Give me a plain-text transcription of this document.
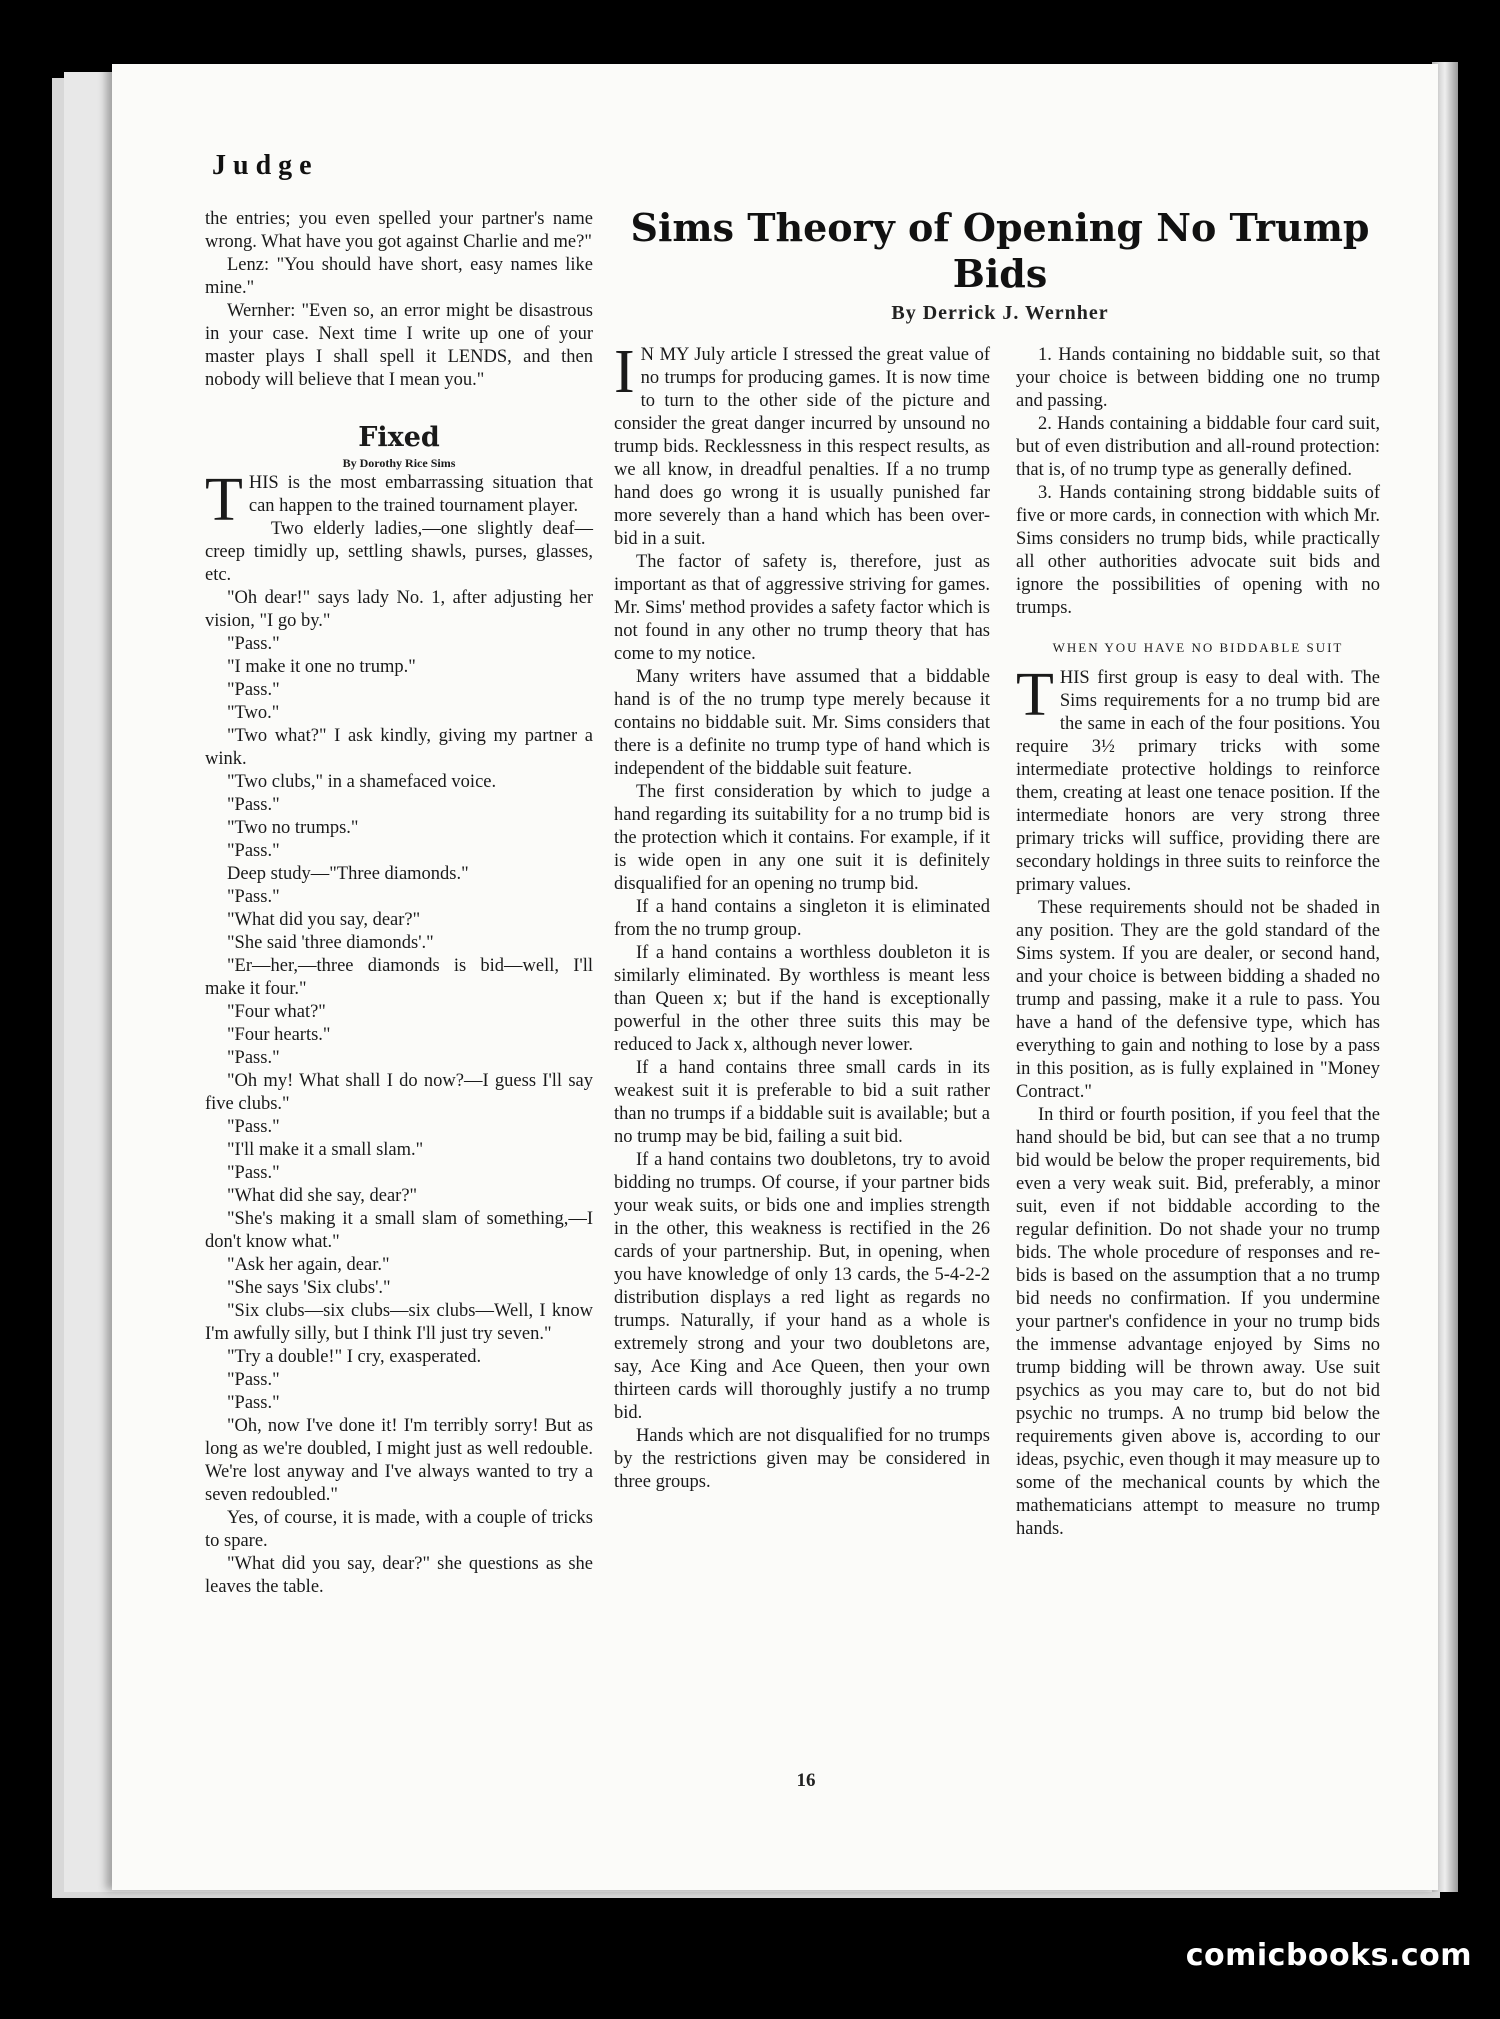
Judge

the entries; you even spelled your partner's name wrong. What have you got against Charlie and me?"

Lenz: "You should have short, easy names like mine."

Wernher: "Even so, an error might be disastrous in your case. Next time I write up one of your master plays I shall spell it LENDS, and then nobody will believe that I mean you."

Fixed
By Dorothy Rice Sims

THIS is the most embarrassing situation that can happen to the trained tournament player.

Two elderly ladies,—one slightly deaf—creep timidly up, settling shawls, purses, glasses, etc.

"Oh dear!" says lady No. 1, after adjusting her vision, "I go by."

"Pass."

"I make it one no trump."

"Pass."

"Two."

"Two what?" I ask kindly, giving my partner a wink.

"Two clubs," in a shamefaced voice.

"Pass."

"Two no trumps."

"Pass."

Deep study—"Three diamonds."

"Pass."

"What did you say, dear?"

"She said 'three diamonds'."

"Er—her,—three diamonds is bid—well, I'll make it four."

"Four what?"

"Four hearts."

"Pass."

"Oh my! What shall I do now?—I guess I'll say five clubs."

"Pass."

"I'll make it a small slam."

"Pass."

"What did she say, dear?"

"She's making it a small slam of something,—I don't know what."

"Ask her again, dear."

"She says 'Six clubs'."

"Six clubs—six clubs—six clubs—Well, I know I'm awfully silly, but I think I'll just try seven."

"Try a double!" I cry, exasperated.

"Pass."

"Pass."

"Oh, now I've done it! I'm terribly sorry! But as long as we're doubled, I might just as well redouble. We're lost anyway and I've always wanted to try a seven redoubled."

Yes, of course, it is made, with a couple of tricks to spare.

"What did you say, dear?" she questions as she leaves the table.

Sims Theory of Opening No Trump Bids
By Derrick J. Wernher

I N MY July article I stressed the great value of no trumps for producing games. It is now time to turn to the other side of the picture and consider the great danger incurred by unsound no trump bids. Recklessness in this respect results, as we all know, in dreadful penalties. If a no trump hand does go wrong it is usually punished far more severely than a hand which has been over-bid in a suit.

The factor of safety is, therefore, just as important as that of aggressive striving for games. Mr. Sims' method provides a safety factor which is not found in any other no trump theory that has come to my notice.

Many writers have assumed that a biddable hand is of the no trump type merely because it contains no biddable suit. Mr. Sims considers that there is a definite no trump type of hand which is independent of the biddable suit feature.

The first consideration by which to judge a hand regarding its suitability for a no trump bid is the protection which it contains. For example, if it is wide open in any one suit it is definitely disqualified for an opening no trump bid.

If a hand contains a singleton it is eliminated from the no trump group.

If a hand contains a worthless doubleton it is similarly eliminated. By worthless is meant less than Queen x; but if the hand is exceptionally powerful in the other three suits this may be reduced to Jack x, although never lower.

If a hand contains three small cards in its weakest suit it is preferable to bid a suit rather than no trumps if a biddable suit is available; but a no trump may be bid, failing a suit bid.

If a hand contains two doubletons, try to avoid bidding no trumps. Of course, if your partner bids your weak suits, or bids one and implies strength in the other, this weakness is rectified in the 26 cards of your partnership. But, in opening, when you have knowledge of only 13 cards, the 5-4-2-2 distribution displays a red light as regards no trumps. Naturally, if your hand as a whole is extremely strong and your two doubletons are, say, Ace King and Ace Queen, then your own thirteen cards will thoroughly justify a no trump bid.

Hands which are not disqualified for no trumps by the restrictions given may be considered in three groups.

1. Hands containing no biddable suit, so that your choice is between bidding one no trump and passing.

2. Hands containing a biddable four card suit, but of even distribution and all-round protection: that is, of no trump type as generally defined.

3. Hands containing strong biddable suits of five or more cards, in connection with which Mr. Sims considers no trump bids, while practically all other authorities advocate suit bids and ignore the possibilities of opening with no trumps.

WHEN YOU HAVE NO BIDDABLE SUIT

THIS first group is easy to deal with. The Sims requirements for a no trump bid are the same in each of the four positions. You require 3½ primary tricks with some intermediate protective holdings to reinforce them, creating at least one tenace position. If the intermediate honors are very strong three primary tricks will suffice, providing there are secondary holdings in three suits to reinforce the primary values.

These requirements should not be shaded in any position. They are the gold standard of the Sims system. If you are dealer, or second hand, and your choice is between bidding a shaded no trump and passing, make it a rule to pass. You have a hand of the defensive type, which has everything to gain and nothing to lose by a pass in this position, as is fully explained in "Money Contract."

In third or fourth position, if you feel that the hand should be bid, but can see that a no trump bid would be below the proper requirements, bid even a very weak suit. Bid, preferably, a minor suit, even if not biddable according to the regular definition. Do not shade your no trump bids. The whole procedure of responses and re-bids is based on the assumption that a no trump bid needs no confirmation. If you undermine your partner's confidence in your no trump bids the immense advantage enjoyed by Sims no trump bidding will be thrown away. Use suit psychics as you may care to, but do not bid psychic no trumps. A no trump bid below the requirements given above is, according to our ideas, psychic, even though it may measure up to some of the mechanical counts by which the mathematicians attempt to measure no trump hands.

16
comicbooks.com
